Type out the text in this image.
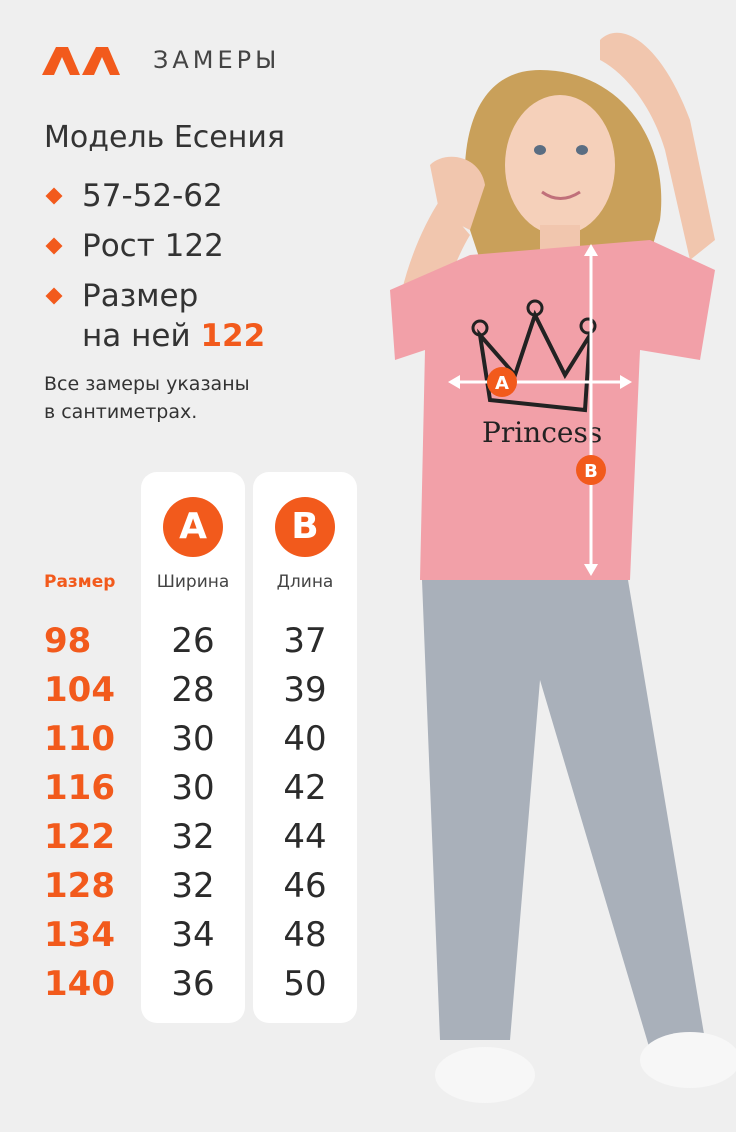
ЗАМЕРЫ
Модель Есения
57-52-62
Рост 122
Размер
на ней 122
Все замеры указаны
в сантиметрах.
A
Ширина
B
Длина
Размер
98	26	37
104	28	39
110	30	40
116	30	42
122	32	44
128	32	46
134	34	48
140	36	50
Princess
A
B
